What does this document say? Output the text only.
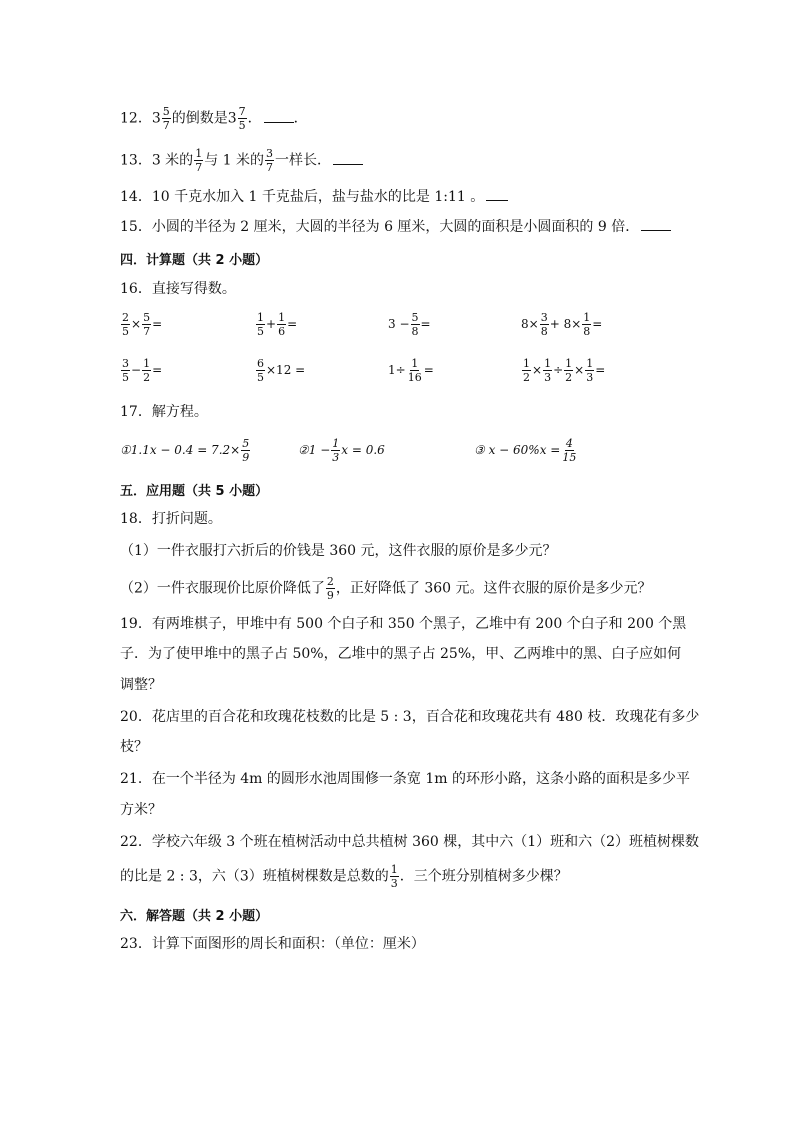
12．$3 \frac{5}{7}$ 的倒数是$3 \frac{7}{5}$ ． ．
13．3 米的 $\frac{1}{7}$ 与 1 米的 $\frac{3}{7}$ 一样长．
14．10 千克水加入 1 千克盐后，盐与盐水的比是 1:11 。
15．小圆的半径为 2 厘米，大圆的半径为 6 厘米，大圆的面积是小圆面积的 9 倍．
四．计算题（共 2 小题）
16．直接写得数。
$\frac{2}{5} \times \frac{5}{7}$ =	$\frac{1}{5} + \frac{1}{6}$ =	$3 - \frac{5}{8}$ =	$8\times \frac{3}{8} + 8\times \frac{1}{8}$ =
$\frac{3}{5} - \frac{1}{2}$ =	$\frac{6}{5} \times 12$ =	$1\div \frac{1}{16}$ =	$\frac{1}{2} \times \frac{1}{3} \div \frac{1}{2} \times \frac{1}{3}$ =
17．解方程。
①1.1x − $0.4 = 7.2\times \frac{5}{9}$	②1 − $\frac{1}{3}$ x = 0.6	③ $x - 60\%x = \frac{4}{15}$
五．应用题（共 5 小题）
18．打折问题。
（1）一件衣服打六折后的价钱是 360 元，这件衣服的原价是多少元？
（2）一件衣服现价比原价降低了 $\frac{2}{9}$ ，正好降低了 360 元。这件衣服的原价是多少元？
19．有两堆棋子，甲堆中有 500 个白子和 350 个黑子，乙堆中有 200 个白子和 200 个黑
子．为了使甲堆中的黑子占 50%，乙堆中的黑子占 25%，甲、乙两堆中的黑、白子应如何
调整？
20．花店里的百合花和玫瑰花枝数的比是 5 : 3，百合花和玫瑰花共有 480 枝．玫瑰花有多少
枝？
21．在一个半径为 4m 的圆形水池周围修一条宽 1m 的环形小路，这条小路的面积是多少平
方米？
22．学校六年级 3 个班在植树活动中总共植树 360 棵，其中六（1）班和六（2）班植树棵数
的比是 2 : 3，六（3）班植树棵数是总数的 $\frac{1}{3}$ ．三个班分别植树多少棵？
六．解答题（共 2 小题）
23．计算下面图形的周长和面积：（单位：厘米）
